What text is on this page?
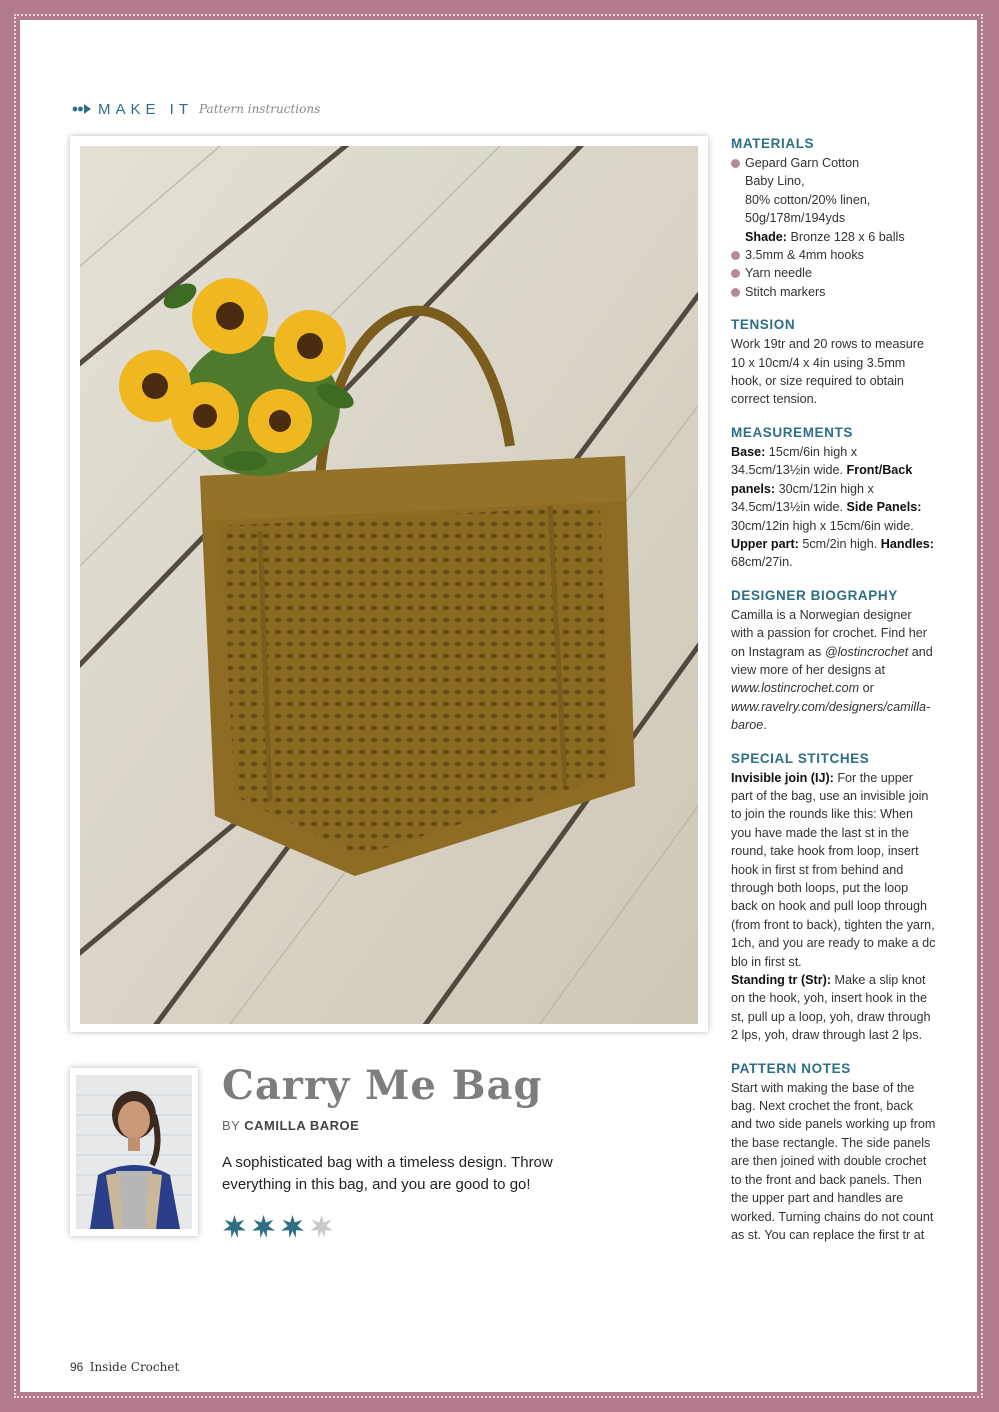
MAKE IT Pattern instructions
Carry Me Bag
BY CAMILLA BAROE
A sophisticated bag with a timeless design. Throw everything in this bag, and you are good to go!
MATERIALS
Gepard Garn Cotton
Baby Lino,
80% cotton/20% linen,
50g/178m/194yds
Shade: Bronze 128 x 6 balls
3.5mm & 4mm hooks
Yarn needle
Stitch markers
TENSION

Work 19tr and 20 rows to measure 10 x 10cm/4 x 4in using 3.5mm hook, or size required to obtain correct tension.

MEASUREMENTS

Base: 15cm/6in high x 34.5cm/13½in wide. Front/Back panels: 30cm/12in high x 34.5cm/13½in wide. Side Panels: 30cm/12in high x 15cm/6in wide. Upper part: 5cm/2in high. Handles: 68cm/27in.

DESIGNER BIOGRAPHY

Camilla is a Norwegian designer with a passion for crochet. Find her on Instagram as @lostincrochet and view more of her designs at www.lostincrochet.com or www.ravelry.com/designers/camilla-baroe.

SPECIAL STITCHES

Invisible join (IJ): For the upper part of the bag, use an invisible join to join the rounds like this: When you have made the last st in the round, take hook from loop, insert hook in first st from behind and through both loops, put the loop back on hook and pull loop through (from front to back), tighten the yarn, 1ch, and you are ready to make a dc blo in first st.

Standing tr (Str): Make a slip knot on the hook, yoh, insert hook in the st, pull up a loop, yoh, draw through 2 lps, yoh, draw through last 2 lps.

PATTERN NOTES

Start with making the base of the bag. Next crochet the front, back and two side panels working up from the base rectangle. The side panels are then joined with double crochet to the front and back panels. Then the upper part and handles are worked. Turning chains do not count as st. You can replace the first tr at

96 Inside Crochet
